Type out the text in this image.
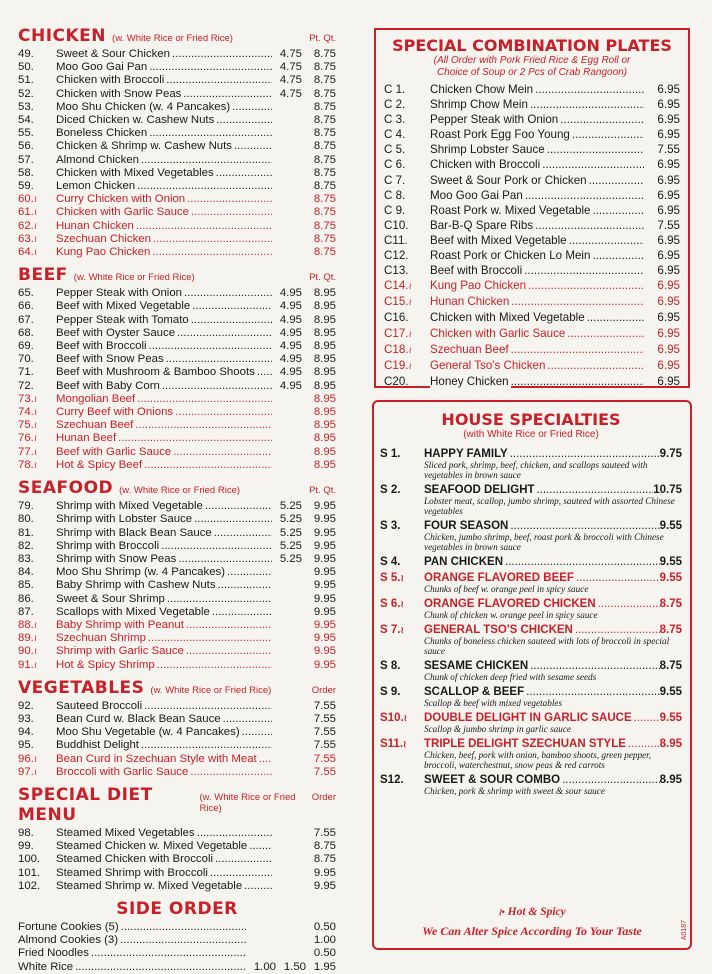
CHICKEN (w. White Rice or Fried Rice)	Pt. Qt.
49.	Sweet & Sour Chicken .....	4.75	8.75
50.	Moo Goo Gai Pan .....	4.75	8.75
51.	Chicken with Broccoli .....	4.75	8.75
52.	Chicken with Snow Peas .....	4.75	8.75
53.	Moo Shu Chicken (w. 4 Pancakes) .....	8.75
54.	Diced Chicken w. Cashew Nuts .....	8.75
55.	Boneless Chicken .....	8.75
56.	Chicken & Shrimp w. Cashew Nuts .....	8.75
57.	Almond Chicken .....	8.75
58.	Chicken with Mixed Vegetables .....	8.75
59.	Lemon Chicken .....	8.75
60.≀	Curry Chicken with Onion .....	8.75
61.≀	Chicken with Garlic Sauce .....	8.75
62.≀	Hunan Chicken .....	8.75
63.≀	Szechuan Chicken .....	8.75
64.≀	Kung Pao Chicken .....	8.75
BEEF (w. White Rice or Fried Rice)	Pt. Qt.
65.	Pepper Steak with Onion .....	4.95	8.95
66.	Beef with Mixed Vegetable .....	4.95	8.95
67.	Pepper Steak with Tomato .....	4.95	8.95
68.	Beef with Oyster Sauce .....	4.95	8.95
69.	Beef with Broccoli .....	4.95	8.95
70.	Beef with Snow Peas .....	4.95	8.95
71.	Beef with Mushroom & Bamboo Shoots .....	4.95	8.95
72.	Beef with Baby Corn .....	4.95	8.95
73.≀	Mongolian Beef .....	8.95
74.≀	Curry Beef with Onions .....	8.95
75.≀	Szechuan Beef .....	8.95
76.≀	Hunan Beef .....	8.95
77.≀	Beef with Garlic Sauce .....	8.95
78.≀	Hot & Spicy Beef .....	8.95
SEAFOOD (w. White Rice or Fried Rice)	Pt. Qt.
79.	Shrimp with Mixed Vegetable .....	5.25	9.95
80.	Shrimp with Lobster Sauce .....	5.25	9.95
81.	Shrimp with Black Bean Sauce .....	5.25	9.95
82.	Shrimp with Broccoli .....	5.25	9.95
83.	Shrimp with Snow Peas .....	5.25	9.95
84.	Moo Shu Shrimp (w. 4 Pancakes) .....	9.95
85.	Baby Shrimp with Cashew Nuts .....	9.95
86.	Sweet & Sour Shrimp .....	9.95
87.	Scallops with Mixed Vegetable .....	9.95
88.≀	Baby Shrimp with Peanut .....	9.95
89.≀	Szechuan Shrimp .....	9.95
90.≀	Shrimp with Garlic Sauce .....	9.95
91.≀	Hot & Spicy Shrimp .....	9.95
VEGETABLES (w. White Rice or Fried Rice)	Order
92.	Sauteed Broccoli .....	7.55
93.	Bean Curd w. Black Bean Sauce .....	7.55
94.	Moo Shu Vegetable (w. 4 Pancakes) .....	7.55
95.	Buddhist Delight .....	7.55
96.≀	Bean Curd in Szechuan Style with Meat .....	7.55
97.≀	Broccoli with Garlic Sauce .....	7.55
SPECIAL DIET MENU
(w. White Rice or Fried Rice)
Order
98.	Steamed Mixed Vegetables .....	7.55
99.	Steamed Chicken w. Mixed Vegetable .....	8.75
100.	Steamed Chicken with Broccoli .....	8.75
101.	Steamed Shrimp with Broccoli .....	9.95
102.	Steamed Shrimp w. Mixed Vegetable .....	9.95
SIDE ORDER
Fortune Cookies (5) .....	0.50
Almond Cookies (3) .....	1.00
Fried Noodles .....	0.50
White Rice .....	1.00 1.50 1.95
SPECIAL COMBINATION PLATES
(All Order with Pork Fried Rice & Egg Roll or
Choice of Soup or 2 Pcs of Crab Rangoon)
C 1.	Chicken Chow Mein .....	6.95
C 2.	Shrimp Chow Mein .....	6.95
C 3.	Pepper Steak with Onion .....	6.95
C 4.	Roast Pork Egg Foo Young .....	6.95
C 5.	Shrimp Lobster Sauce .....	7.55
C 6.	Chicken with Broccoli .....	6.95
C 7.	Sweet & Sour Pork or Chicken .....	6.95
C 8.	Moo Goo Gai Pan .....	6.95
C 9.	Roast Pork w. Mixed Vegetable .....	6.95
C10.	Bar-B-Q Spare Ribs .....	7.55
C11.	Beef with Mixed Vegetable .....	6.95
C12.	Roast Pork or Chicken Lo Mein .....	6.95
C13.	Beef with Broccoli .....	6.95
C14.≀	Kung Pao Chicken .....	6.95
C15.≀	Hunan Chicken .....	6.95
C16.	Chicken with Mixed Vegetable .....	6.95
C17.≀	Chicken with Garlic Sauce .....	6.95
C18.≀	Szechuan Beef .....	6.95
C19.≀	General Tso's Chicken .....	6.95
C20.	Honey Chicken .....	6.95
HOUSE SPECIALTIES
(with White Rice or Fried Rice)
S 1.	HAPPY FAMILY .....	9.75
Sliced pork, shrimp, beef, chicken, and scallops sauteed with vegetables in brown sauce
S 2.	SEAFOOD DELIGHT .....	10.75
Lobster meat, scallop, jumbo shrimp, sauteed with assorted Chinese vegetables
S 3.	FOUR SEASON .....	9.55
Chicken, jumbo shrimp, beef, roast pork & broccoli with Chinese vegetables in brown sauce
S 4.	PAN CHICKEN .....	9.55
S 5.≀	ORANGE FLAVORED BEEF .....	9.55
Chunks of beef w. orange peel in spicy sauce
S 6.≀	ORANGE FLAVORED CHICKEN .....	8.75
Chunk of chicken w. orange peel in spicy sauce
S 7.≀	GENERAL TSO'S CHICKEN .....	8.75
Chunks of boneless chicken sauteed with lots of broccoli in special sauce
S 8.	SESAME CHICKEN .....	8.75
Chunk of chicken deep fried with sesame seeds
S 9.	SCALLOP & BEEF .....	9.55
Scallop & beef with mixed vegetables
S10.≀	DOUBLE DELIGHT IN GARLIC SAUCE .....	9.55
Scallop & jumbo shrimp in garlic sauce
S11.≀	TRIPLE DELIGHT SZECHUAN STYLE .....	8.95
Chicken, beef, pork with onion, bamboo shoots, green pepper, broccoli, waterchestnut, snow peas & red carrots
S12.	SWEET & SOUR COMBO .....	8.95
Chicken, pork & shrimp with sweet & sour sauce
≀• Hot & Spicy
We Can Alter Spice According To Your Taste	A0187
